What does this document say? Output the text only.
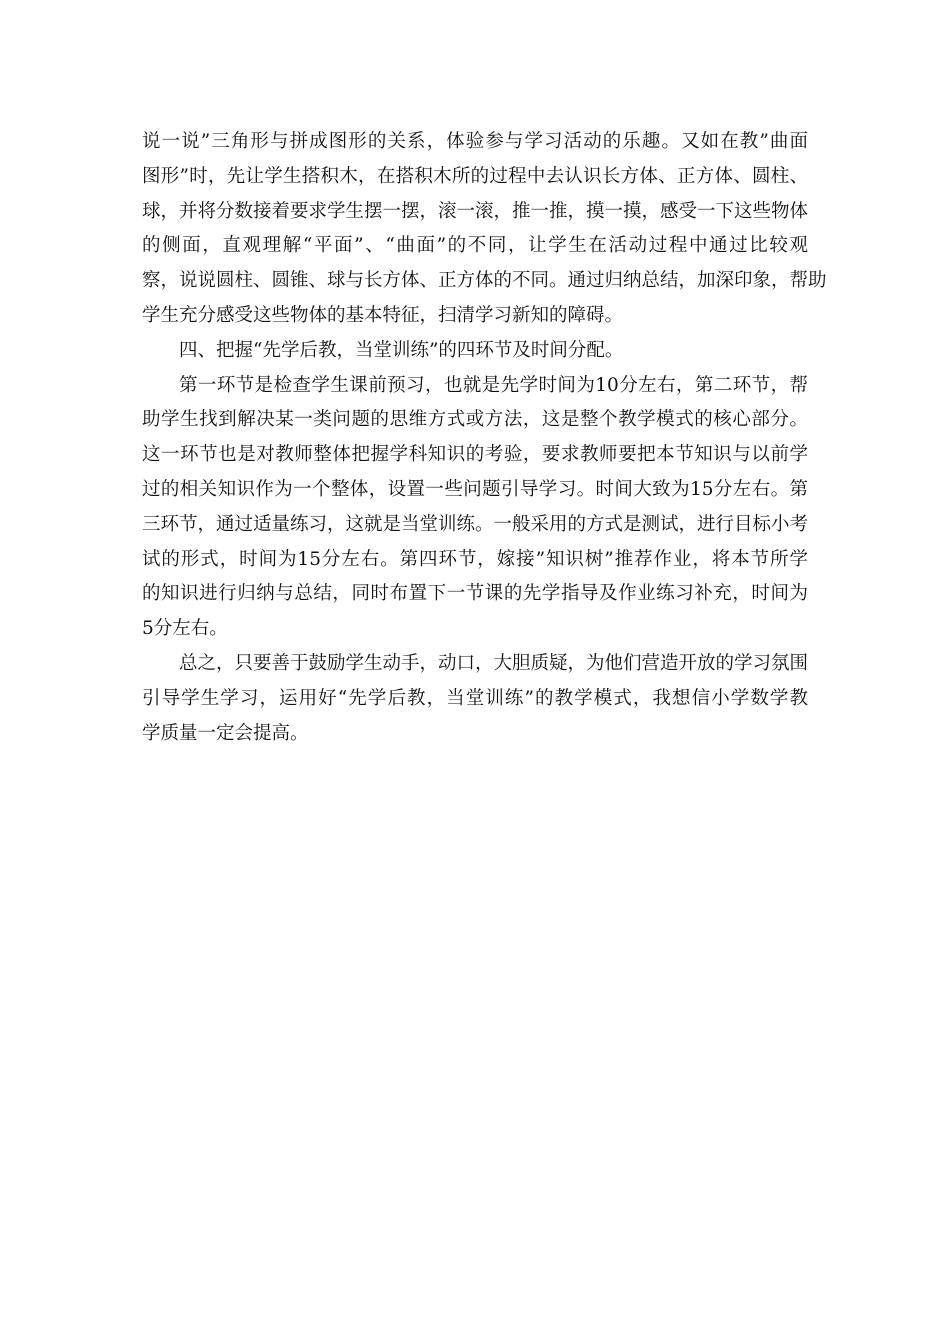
说一说”三角形与拼成图形的关系，体验参与学习活动的乐趣。又如在教”曲面
图形”时，先让学生搭积木，在搭积木所的过程中去认识长方体、正方体、圆柱、
球，并将分数接着要求学生摆一摆，滚一滚，推一推，摸一摸，感受一下这些物体
的侧面，直观理解“平面”、“曲面”的不同，让学生在活动过程中通过比较观
察，说说圆柱、圆锥、球与长方体、正方体的不同。通过归纳总结，加深印象，帮助
学生充分感受这些物体的基本特征，扫清学习新知的障碍。
四、把握“先学后教，当堂训练”的四环节及时间分配。
第一环节是检查学生课前预习，也就是先学时间为10分左右，第二环节，帮
助学生找到解决某一类问题的思维方式或方法，这是整个教学模式的核心部分。
这一环节也是对教师整体把握学科知识的考验，要求教师要把本节知识与以前学
过的相关知识作为一个整体，设置一些问题引导学习。时间大致为15分左右。第
三环节，通过适量练习，这就是当堂训练。一般采用的方式是测试，进行目标小考
试的形式，时间为15分左右。第四环节，嫁接”知识树”推荐作业，将本节所学
的知识进行归纳与总结，同时布置下一节课的先学指导及作业练习补充，时间为
5分左右。
总之，只要善于鼓励学生动手，动口，大胆质疑，为他们营造开放的学习氛围
引导学生学习，运用好“先学后教，当堂训练”的教学模式，我想信小学数学教
学质量一定会提高。
